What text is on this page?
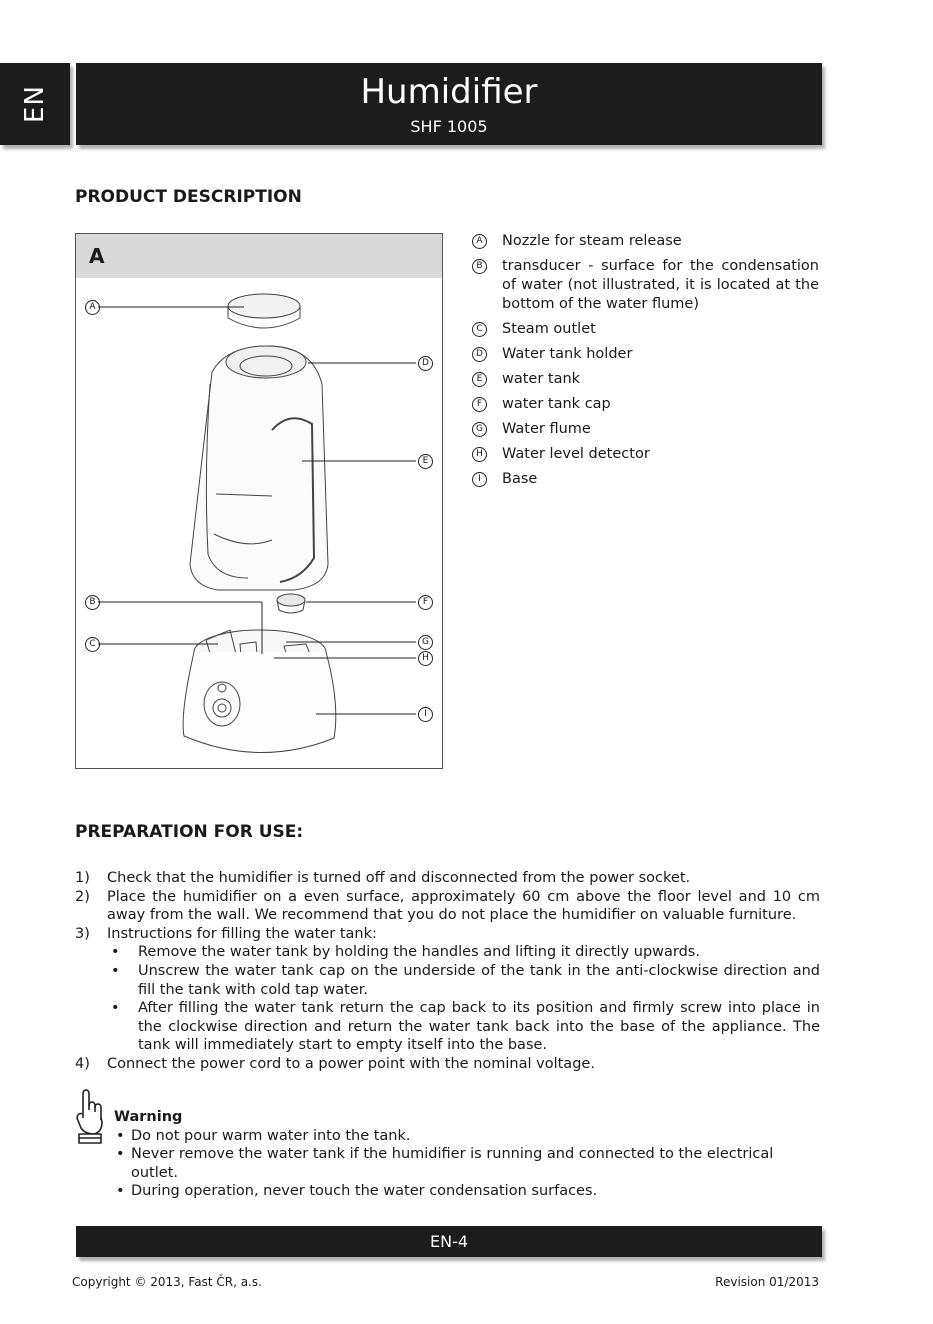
EN	Humidifier
SHF 1005
PRODUCT DESCRIPTION
A
A
D
E
B	F
C	G
H
I
A	Nozzle for steam release
B	transducer - surface for the condensation of water (not illustrated, it is located at the bottom of the water flume)
C	Steam outlet
D Water tank holder
E	water tank
F	water tank cap
G Water flume
H Water level detector
I	Base
PREPARATION FOR USE:
1) Check that the humidifier is turned off and disconnected from the power socket.
2) Place the humidifier on a even surface, approximately 60 cm above the floor level and 10 cm away from the wall. We recommend that you do not place the humidifier on valuable furniture.
3) Instructions for filling the water tank:
• Remove the water tank by holding the handles and lifting it directly upwards.
• Unscrew the water tank cap on the underside of the tank in the anti-clockwise direction and fill the tank with cold tap water.
• After filling the water tank return the cap back to its position and firmly screw into place in the clockwise direction and return the water tank back into the base of the appliance. The tank will immediately start to empty itself into the base.
4) Connect the power cord to a power point with the nominal voltage.
Warning
• Do not pour warm water into the tank.
• Never remove the water tank if the humidifier is running and connected to the electrical outlet.
• During operation, never touch the water condensation surfaces.
EN-4
Copyright © 2013, Fast ČR, a.s.	Revision 01/2013
